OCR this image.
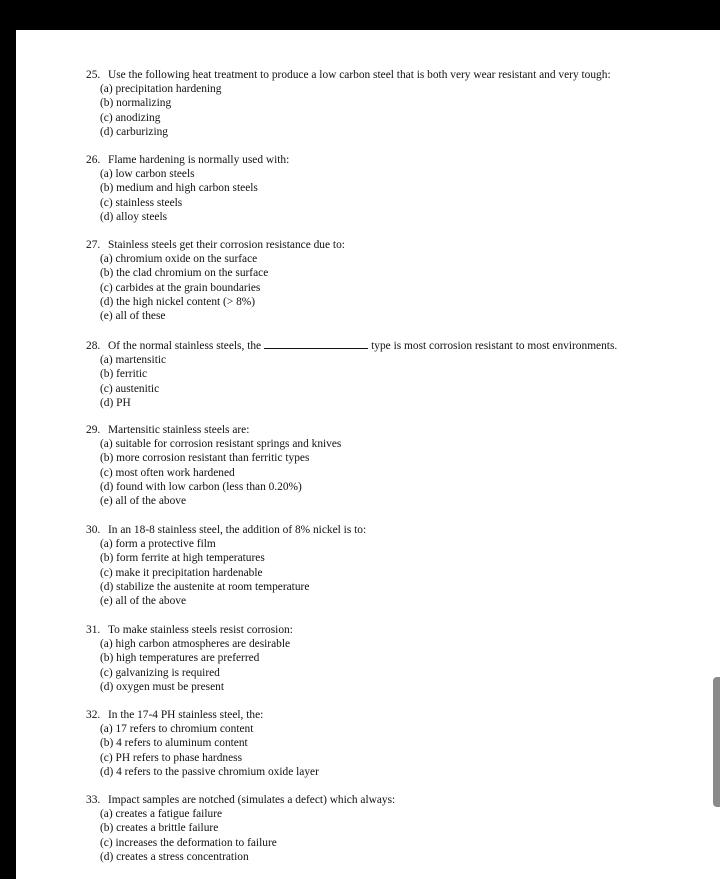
25. Use the following heat treatment to produce a low carbon steel that is both very wear resistant and very tough:
(a) precipitation hardening
(b) normalizing
(c) anodizing
(d) carburizing
26. Flame hardening is normally used with:
(a) low carbon steels
(b) medium and high carbon steels
(c) stainless steels
(d) alloy steels
27. Stainless steels get their corrosion resistance due to:
(a) chromium oxide on the surface
(b) the clad chromium on the surface
(c) carbides at the grain boundaries
(d) the high nickel content (> 8%)
(e) all of these
28. Of the normal stainless steels, the	type is most corrosion resistant to most environments.
(a) martensitic
(b) ferritic
(c) austenitic
(d) PH
29. Martensitic stainless steels are:
(a) suitable for corrosion resistant springs and knives
(b) more corrosion resistant than ferritic types
(c) most often work hardened
(d) found with low carbon (less than 0.20%)
(e) all of the above
30. In an 18-8 stainless steel, the addition of 8% nickel is to:
(a) form a protective film
(b) form ferrite at high temperatures
(c) make it precipitation hardenable
(d) stabilize the austenite at room temperature
(e) all of the above
31. To make stainless steels resist corrosion:
(a) high carbon atmospheres are desirable
(b) high temperatures are preferred
(c) galvanizing is required
(d) oxygen must be present
32. In the 17-4 PH stainless steel, the:
(a) 17 refers to chromium content
(b) 4 refers to aluminum content
(c) PH refers to phase hardness
(d) 4 refers to the passive chromium oxide layer
33. Impact samples are notched (simulates a defect) which always:
(a) creates a fatigue failure
(b) creates a brittle failure
(c) increases the deformation to failure
(d) creates a stress concentration
